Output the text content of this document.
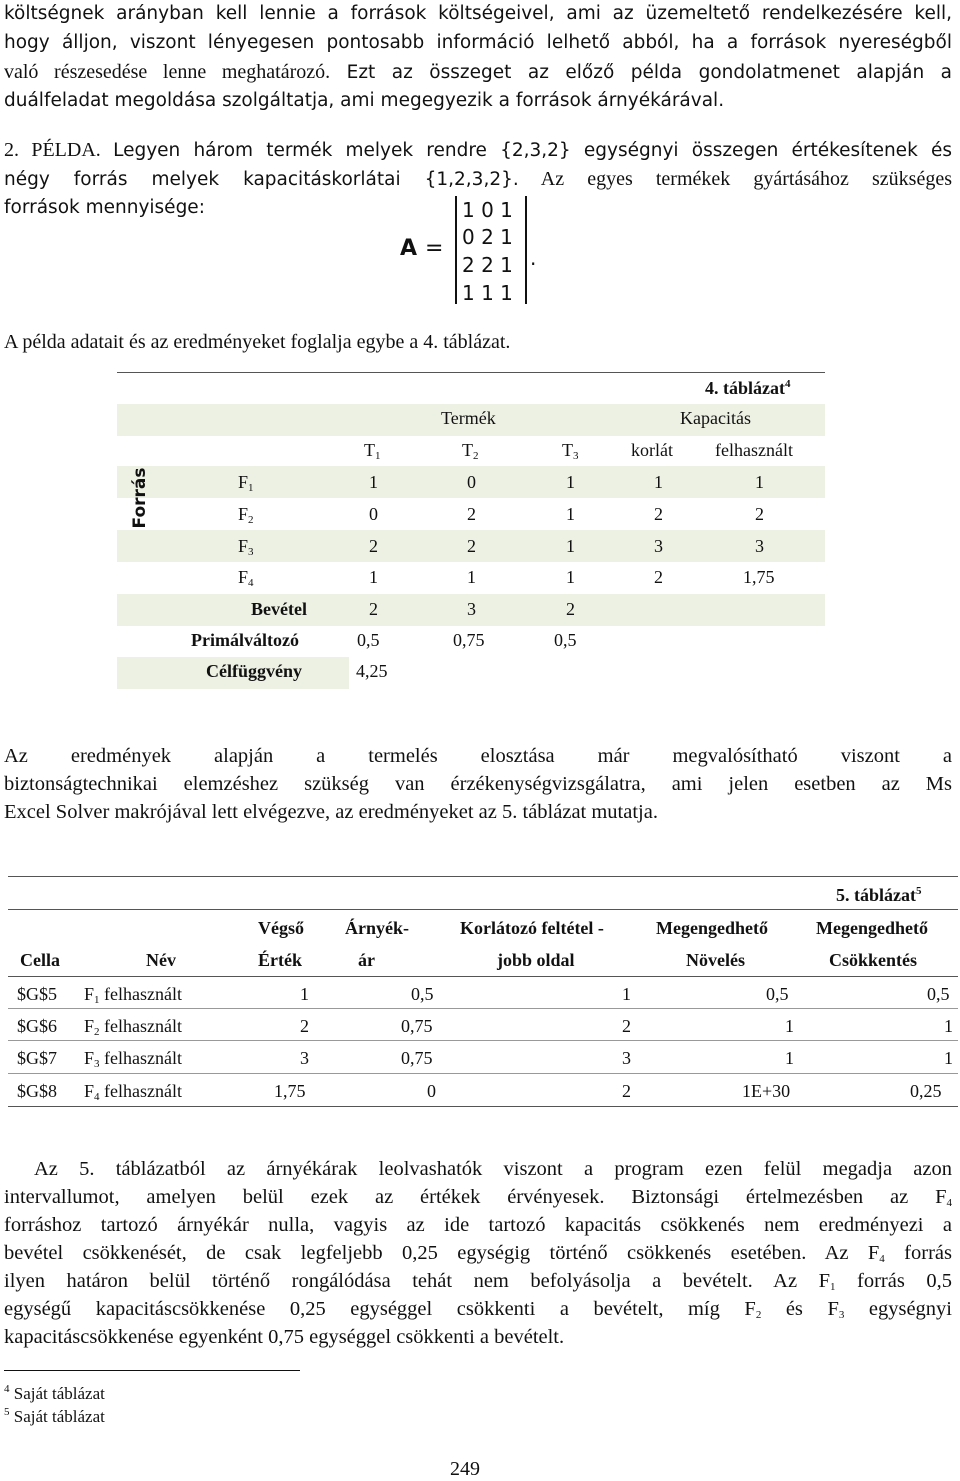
költségnek arányban kell lennie a források költségeivel, ami az üzemeltető rendelkezésére kell,
hogy álljon, viszont lényegesen pontosabb információ lelhető abból, ha a források nyereségből
való részesedése lenne meghatározó. Ezt az összeget az előző példa gondolatmenet alapján a
duálfeladat megoldása szolgáltatja, ami megegyezik a források árnyékárával.
2. PÉLDA. Legyen három termék melyek rendre {2,3,2} egységnyi összegen értékesítenek és
négy forrás melyek kapacitáskorlátai {1,2,3,2}. Az egyes termékek gyártásához szükséges
források mennyisége:
A =
1 0 1
0 2 1
2 2 1
1 1 1
.
A példa adatait és az eredményeket foglalja egybe a 4. táblázat.
4. táblázat$^4$
Termék	Kapacitás
$T_1$	$T_2$	$T_3$	korlát felhasznált
Forrás	$F_1$	1	0	1	1	1
$F_2$	0	2	1	2	2
$F_3$	2	2	1	3	3
$F_4$	1	1	1	2	1,75
Bevétel	2	3	2
Primálváltozó	0,5	0,75	0,5
Célfüggvény	4,25
Az eredmények alapján a termelés elosztása már megvalósítható viszont a
biztonságtechnikai elemzéshez szükség van érzékenységvizsgálatra, ami jelen esetben az Ms
Excel Solver makrójával lett elvégezve, az eredményeket az 5. táblázat mutatja.
5. táblázat$^5$
Végső Árnyék-	Korlátozó feltétel -	Megengedhető	Megengedhető
Cella	Név	Érték	ár	jobb oldal	Növelés	Csökkentés
$G$5 $F_1$ felhasznált	1	0,5	1	0,5	0,5
$G$6 $F_2$ felhasznált	2	0,75	2	1	1
$G$7 $F_3$ felhasznált	3	0,75	3	1	1
$G$8 $F_4$ felhasznált	1,75	0	2	1E+30	0,25
Az 5. táblázatból az árnyékárak leolvashatók viszont a program ezen felül megadja azon
intervallumot, amelyen belül ezek az értékek érvényesek. Biztonsági értelmezésben az $F_4$
forráshoz tartozó árnyékár nulla, vagyis az ide tartozó kapacitás csökkenés nem eredményezi a
bevétel csökkenését, de csak legfeljebb 0,25 egységig történő csökkenés esetében. Az $F_4$ forrás
ilyen határon belül történő rongálódása tehát nem befolyásolja a bevételt. Az $F_1$ forrás 0,5
egységű kapacitáscsökkenése 0,25 egységgel csökkenti a bevételt, míg $F_2$ és $F_3$ egységnyi
kapacitáscsökkenése egyenként 0,75 egységgel csökkenti a bevételt.
$^4$ Saját táblázat
$^5$ Saját táblázat
249
